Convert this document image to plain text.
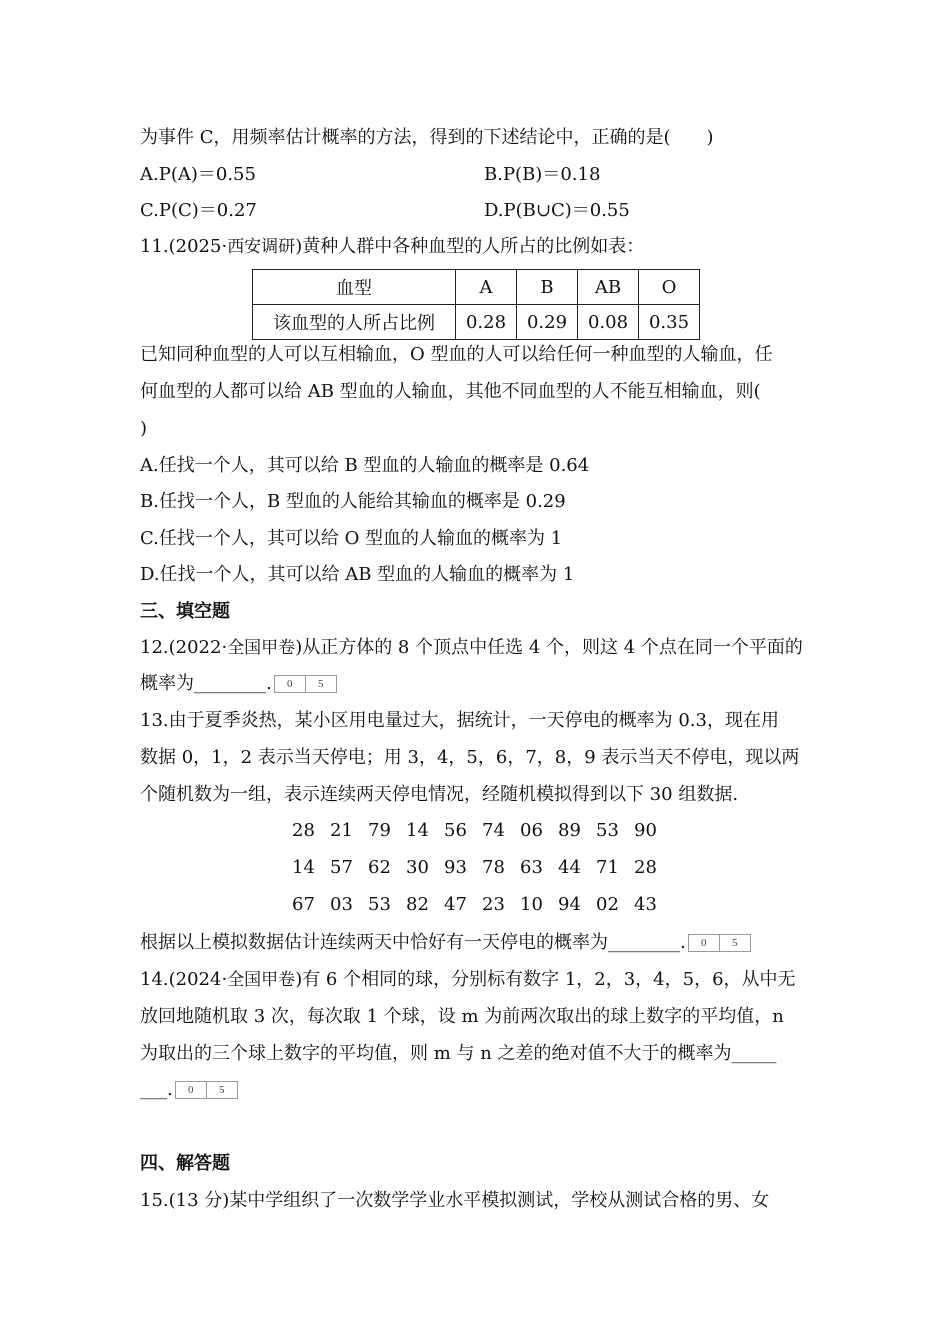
为事件 C，用频率估计概率的方法，得到的下述结论中，正确的是(　　)
A.P(A)＝0.55	B.P(B)＝0.18
C.P(C)＝0.27	D.P(B∪C)＝0.55
11.(2025·西安调研)黄种人群中各种血型的人所占的比例如表：
血型	A	B	AB	O
该血型的人所占比例	0.28	0.29	0.08	0.35
已知同种血型的人可以互相输血，O 型血的人可以给任何一种血型的人输血，任
何血型的人都可以给 AB 型血的人输血，其他不同血型的人不能互相输血，则(
)
A.任找一个人，其可以给 B 型血的人输血的概率是 0.64
B.任找一个人，B 型血的人能给其输血的概率是 0.29
C.任找一个人，其可以给 O 型血的人输血的概率为 1
D.任找一个人，其可以给 AB 型血的人输血的概率为 1
三、填空题
12.(2022·全国甲卷)从正方体的 8 个顶点中任选 4 个，则这 4 个点在同一个平面的
概率为________.	0	5
13.由于夏季炎热，某小区用电量过大，据统计，一天停电的概率为 0.3，现在用
数据 0，1，2 表示当天停电；用 3，4，5，6，7，8，9 表示当天不停电，现以两
个随机数为一组，表示连续两天停电情况，经随机模拟得到以下 30 组数据.
28 21 79 14 56 74 06 89 53 90
14 57 62 30 93 78 63 44 71 28
67 03 53 82 47 23 10 94 02 43
根据以上模拟数据估计连续两天中恰好有一天停电的概率为________.	0	5
14.(2024·全国甲卷)有 6 个相同的球，分别标有数字 1，2，3，4，5，6，从中无
放回地随机取 3 次，每次取 1 个球，设 m 为前两次取出的球上数字的平均值，n
为取出的三个球上数字的平均值，则 m 与 n 之差的绝对值不大于的概率为_____
___.	0	5
四、解答题
15.(13 分)某中学组织了一次数学学业水平模拟测试，学校从测试合格的男、女
